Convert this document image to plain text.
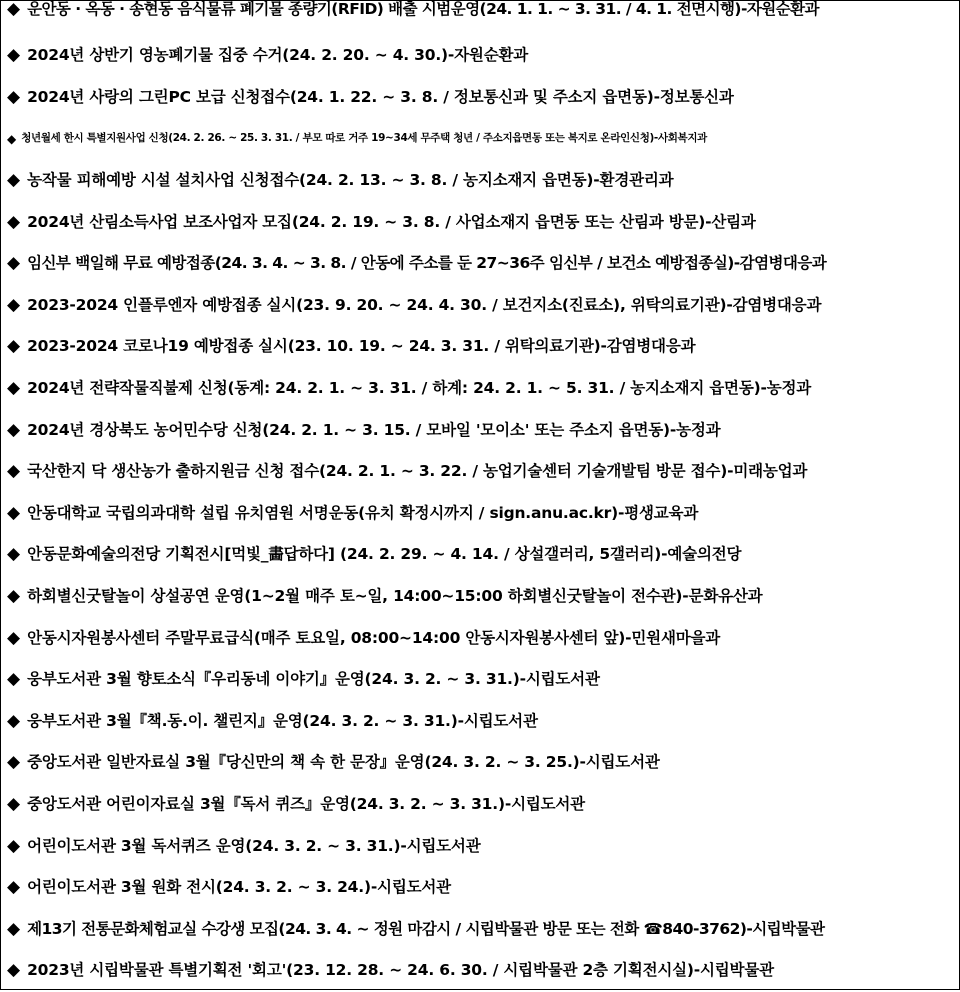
◆ 운안동 · 옥동 · 송현동 음식물류 폐기물 종량기(RFID) 배출 시범운영(24. 1. 1. ~ 3. 31. / 4. 1. 전면시행)-자원순환과
◆ 2024년 상반기 영농폐기물 집중 수거(24. 2. 20. ~ 4. 30.)-자원순환과
◆ 2024년 사랑의 그린PC 보급 신청접수(24. 1. 22. ~ 3. 8. / 정보통신과 및 주소지 읍면동)-정보통신과
◆ 청년월세 한시 특별지원사업 신청(24. 2. 26. ~ 25. 3. 31. / 부모 따로 거주 19~34세 무주택 청년 / 주소지읍면동 또는 복지로 온라인신청)-사회복지과
◆ 농작물 피해예방 시설 설치사업 신청접수(24. 2. 13. ~ 3. 8. / 농지소재지 읍면동)-환경관리과
◆ 2024년 산림소득사업 보조사업자 모집(24. 2. 19. ~ 3. 8. / 사업소재지 읍면동 또는 산림과 방문)-산림과
◆ 임신부 백일해 무료 예방접종(24. 3. 4. ~ 3. 8. / 안동에 주소를 둔 27~36주 임신부 / 보건소 예방접종실)-감염병대응과
◆ 2023-2024 인플루엔자 예방접종 실시(23. 9. 20. ~ 24. 4. 30. / 보건지소(진료소), 위탁의료기관)-감염병대응과
◆ 2023-2024 코로나19 예방접종 실시(23. 10. 19. ~ 24. 3. 31. / 위탁의료기관)-감염병대응과
◆ 2024년 전략작물직불제 신청(동계: 24. 2. 1. ~ 3. 31. / 하계: 24. 2. 1. ~ 5. 31. / 농지소재지 읍면동)-농정과
◆ 2024년 경상북도 농어민수당 신청(24. 2. 1. ~ 3. 15. / 모바일 '모이소' 또는 주소지 읍면동)-농정과
◆ 국산한지 닥 생산농가 출하지원금 신청 접수(24. 2. 1. ~ 3. 22. / 농업기술센터 기술개발팀 방문 접수)-미래농업과
◆ 안동대학교 국립의과대학 설립 유치염원 서명운동(유치 확정시까지 / sign.anu.ac.kr)-평생교육과
◆ 안동문화예술의전당 기획전시[먹빛_畵답하다] (24. 2. 29. ~ 4. 14. / 상설갤러리, 5갤러리)-예술의전당
◆ 하회별신굿탈놀이 상설공연 운영(1~2월 매주 토~일, 14:00~15:00 하회별신굿탈놀이 전수관)-문화유산과
◆ 안동시자원봉사센터 주말무료급식(매주 토요일, 08:00~14:00 안동시자원봉사센터 앞)-민원새마을과
◆ 웅부도서관 3월 향토소식『우리동네 이야기』운영(24. 3. 2. ~ 3. 31.)-시립도서관
◆ 웅부도서관 3월『책.동.이. 챌린지』운영(24. 3. 2. ~ 3. 31.)-시립도서관
◆ 중앙도서관 일반자료실 3월『당신만의 책 속 한 문장』운영(24. 3. 2. ~ 3. 25.)-시립도서관
◆ 중앙도서관 어린이자료실 3월『독서 퀴즈』운영(24. 3. 2. ~ 3. 31.)-시립도서관
◆ 어린이도서관 3월 독서퀴즈 운영(24. 3. 2. ~ 3. 31.)-시립도서관
◆ 어린이도서관 3월 원화 전시(24. 3. 2. ~ 3. 24.)-시립도서관
◆ 제13기 전통문화체험교실 수강생 모집(24. 3. 4. ~ 정원 마감시 / 시립박물관 방문 또는 전화 ☎840-3762)-시립박물관
◆ 2023년 시립박물관 특별기획전 '회고'(23. 12. 28. ~ 24. 6. 30. / 시립박물관 2층 기획전시실)-시립박물관
